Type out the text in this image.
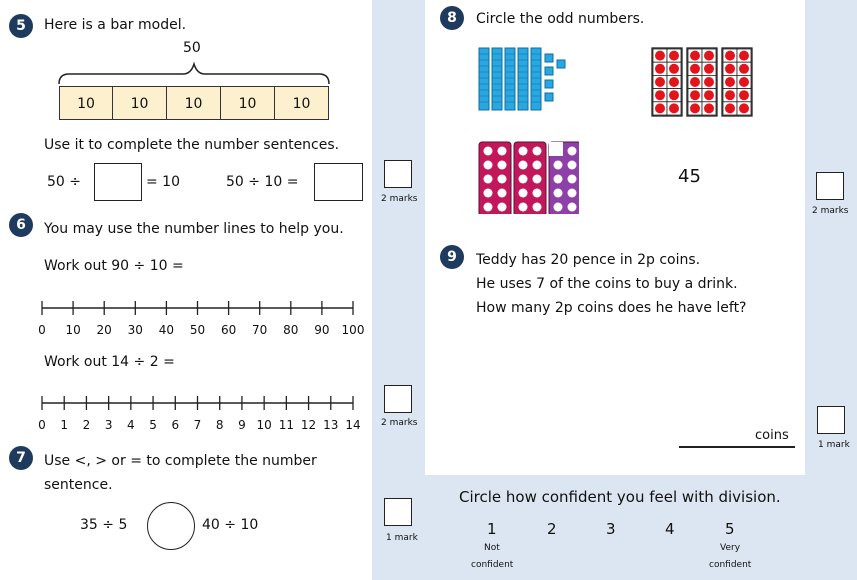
5	Here is a bar model.
50
10	10	10	10	10
Use it to complete the number sentences.
50 ÷	= 10	50 ÷ 10 =
2 marks
6	You may use the number lines to help you.
Work out 90 ÷ 10 =
0 10 20 30 40 50 60 70 80 90 100
Work out 14 ÷ 2 =
0 1 2 3 4 5 6 7 8 9 10 11 12 13 14 2 marks
7	Use <, > or = to complete the number
sentence.
35 ÷ 5	40 ÷ 10
1 mark
8	Circle the odd numbers.
45
2 marks
9	Teddy has 20 pence in 2p coins.
He uses 7 of the coins to buy a drink.
How many 2p coins does he have left?
coins
1 mark
Circle how confident you feel with division.
1	2	3	4	5
Not
confident
Very
confident
